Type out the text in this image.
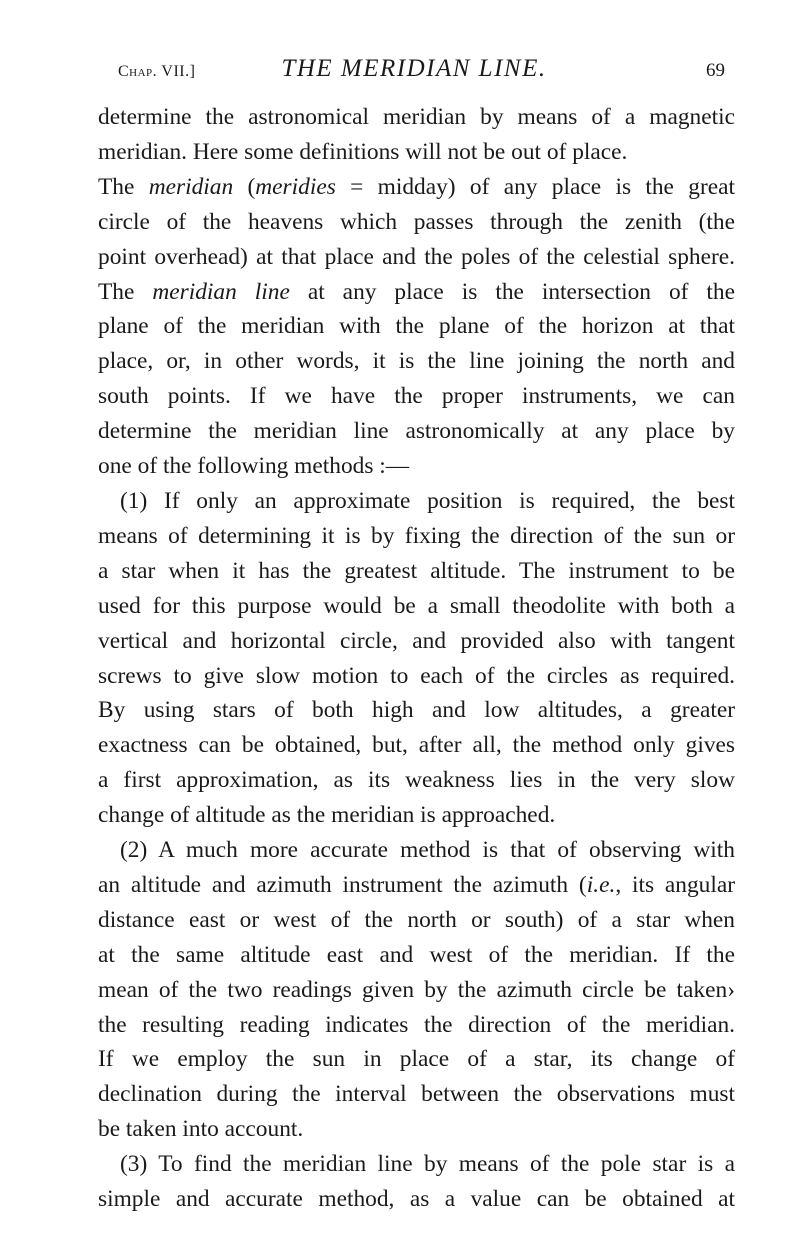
Chap. VII.]	THE MERIDIAN LINE.	69
determine the astronomical meridian by means of a magnetic
meridian. Here some definitions will not be out of place.
The meridian (meridies = midday) of any place is the great
circle of the heavens which passes through the zenith (the
point overhead) at that place and the poles of the celestial sphere.
The meridian line at any place is the intersection of the
plane of the meridian with the plane of the horizon at that
place, or, in other words, it is the line joining the north and
south points. If we have the proper instruments, we can
determine the meridian line astronomically at any place by
one of the following methods :—
(1) If only an approximate position is required, the best
means of determining it is by fixing the direction of the sun or
a star when it has the greatest altitude. The instrument to be
used for this purpose would be a small theodolite with both a
vertical and horizontal circle, and provided also with tangent
screws to give slow motion to each of the circles as required.
By using stars of both high and low altitudes, a greater
exactness can be obtained, but, after all, the method only gives
a first approximation, as its weakness lies in the very slow
change of altitude as the meridian is approached.
(2) A much more accurate method is that of observing with
an altitude and azimuth instrument the azimuth (i.e., its angular
distance east or west of the north or south) of a star when
at the same altitude east and west of the meridian. If the
mean of the two readings given by the azimuth circle be taken›
the resulting reading indicates the direction of the meridian.
If we employ the sun in place of a star, its change of
declination during the interval between the observations must
be taken into account.
(3) To find the meridian line by means of the pole star is a
simple and accurate method, as a value can be obtained at
